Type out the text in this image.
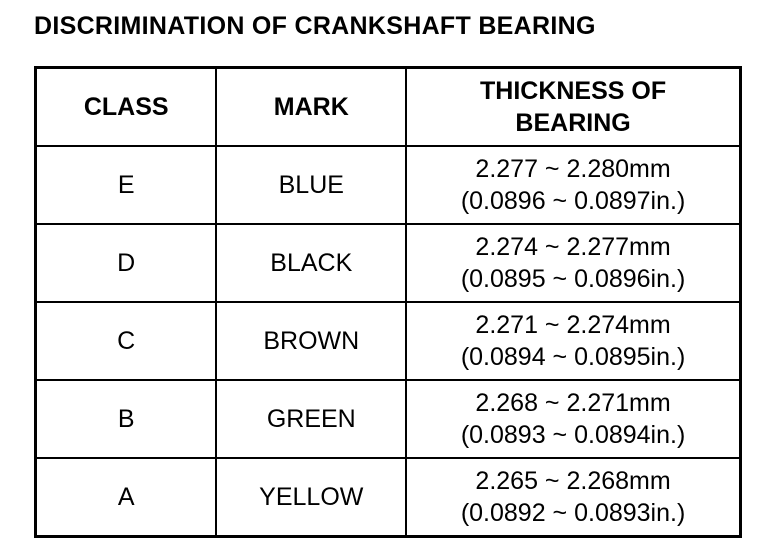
DISCRIMINATION OF CRANKSHAFT BEARING
CLASS	MARK	THICKNESS OF
BEARING

E	BLUE	2.277 ~ 2.280mm
(0.0896 ~ 0.0897in.)

D	BLACK	2.274 ~ 2.277mm
(0.0895 ~ 0.0896in.)

C	BROWN	2.271 ~ 2.274mm
(0.0894 ~ 0.0895in.)

B	GREEN	2.268 ~ 2.271mm
(0.0893 ~ 0.0894in.)

A	YELLOW	2.265 ~ 2.268mm
(0.0892 ~ 0.0893in.)
